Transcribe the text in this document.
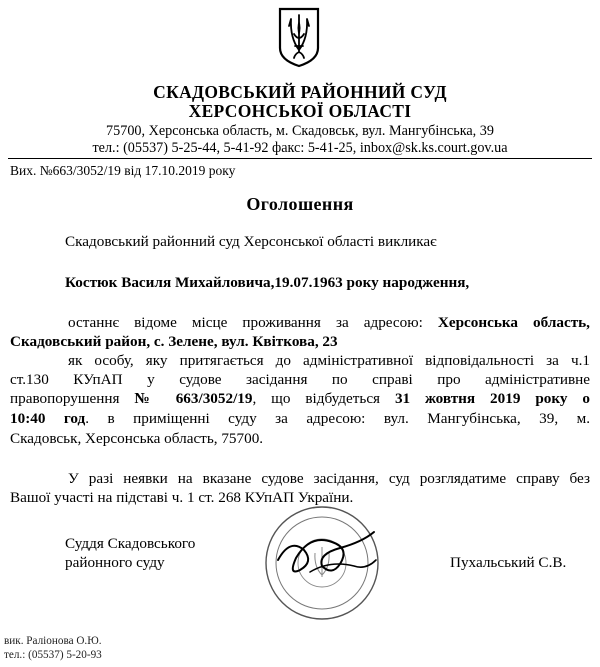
СКАДОВСЬКИЙ РАЙОННИЙ СУД
ХЕРСОНСЬКОЇ ОБЛАСТІ
75700, Херсонська область, м. Скадовськ, вул. Мангубінська, 39
тел.: (05537) 5-25-44, 5-41-92 факс: 5-41-25, inbox@sk.ks.court.gov.ua
Вих. №663/3052/19 від 17.10.2019 року
Оголошення
Скадовський районний суд Херсонської області викликає
Костюк Василя Михайловича,19.07.1963 року народження,
останнє відоме місце проживання за адресою: Херсонська область,
Скадовський район, с. Зелене, вул. Квіткова, 23
як особу, яку притягається до адміністративної відповідальності за ч.1
ст.130 КУпАП у судове засідання по справі про адміністративне
правопорушення № 663/3052/19, що відбудеться 31 жовтня 2019 року о
10:40 год. в приміщенні суду за адресою: вул. Мангубінська, 39, м.
Скадовськ, Херсонська область, 75700.
У разі неявки на вказане судове засідання, суд розглядатиме справу без
Вашої участі на підставі ч. 1 ст. 268 КУпАП України.
Суддя Скадовського
районного суду	Пухальський С.В.
вик. Раліонова О.Ю.
тел.: (05537) 5-20-93
